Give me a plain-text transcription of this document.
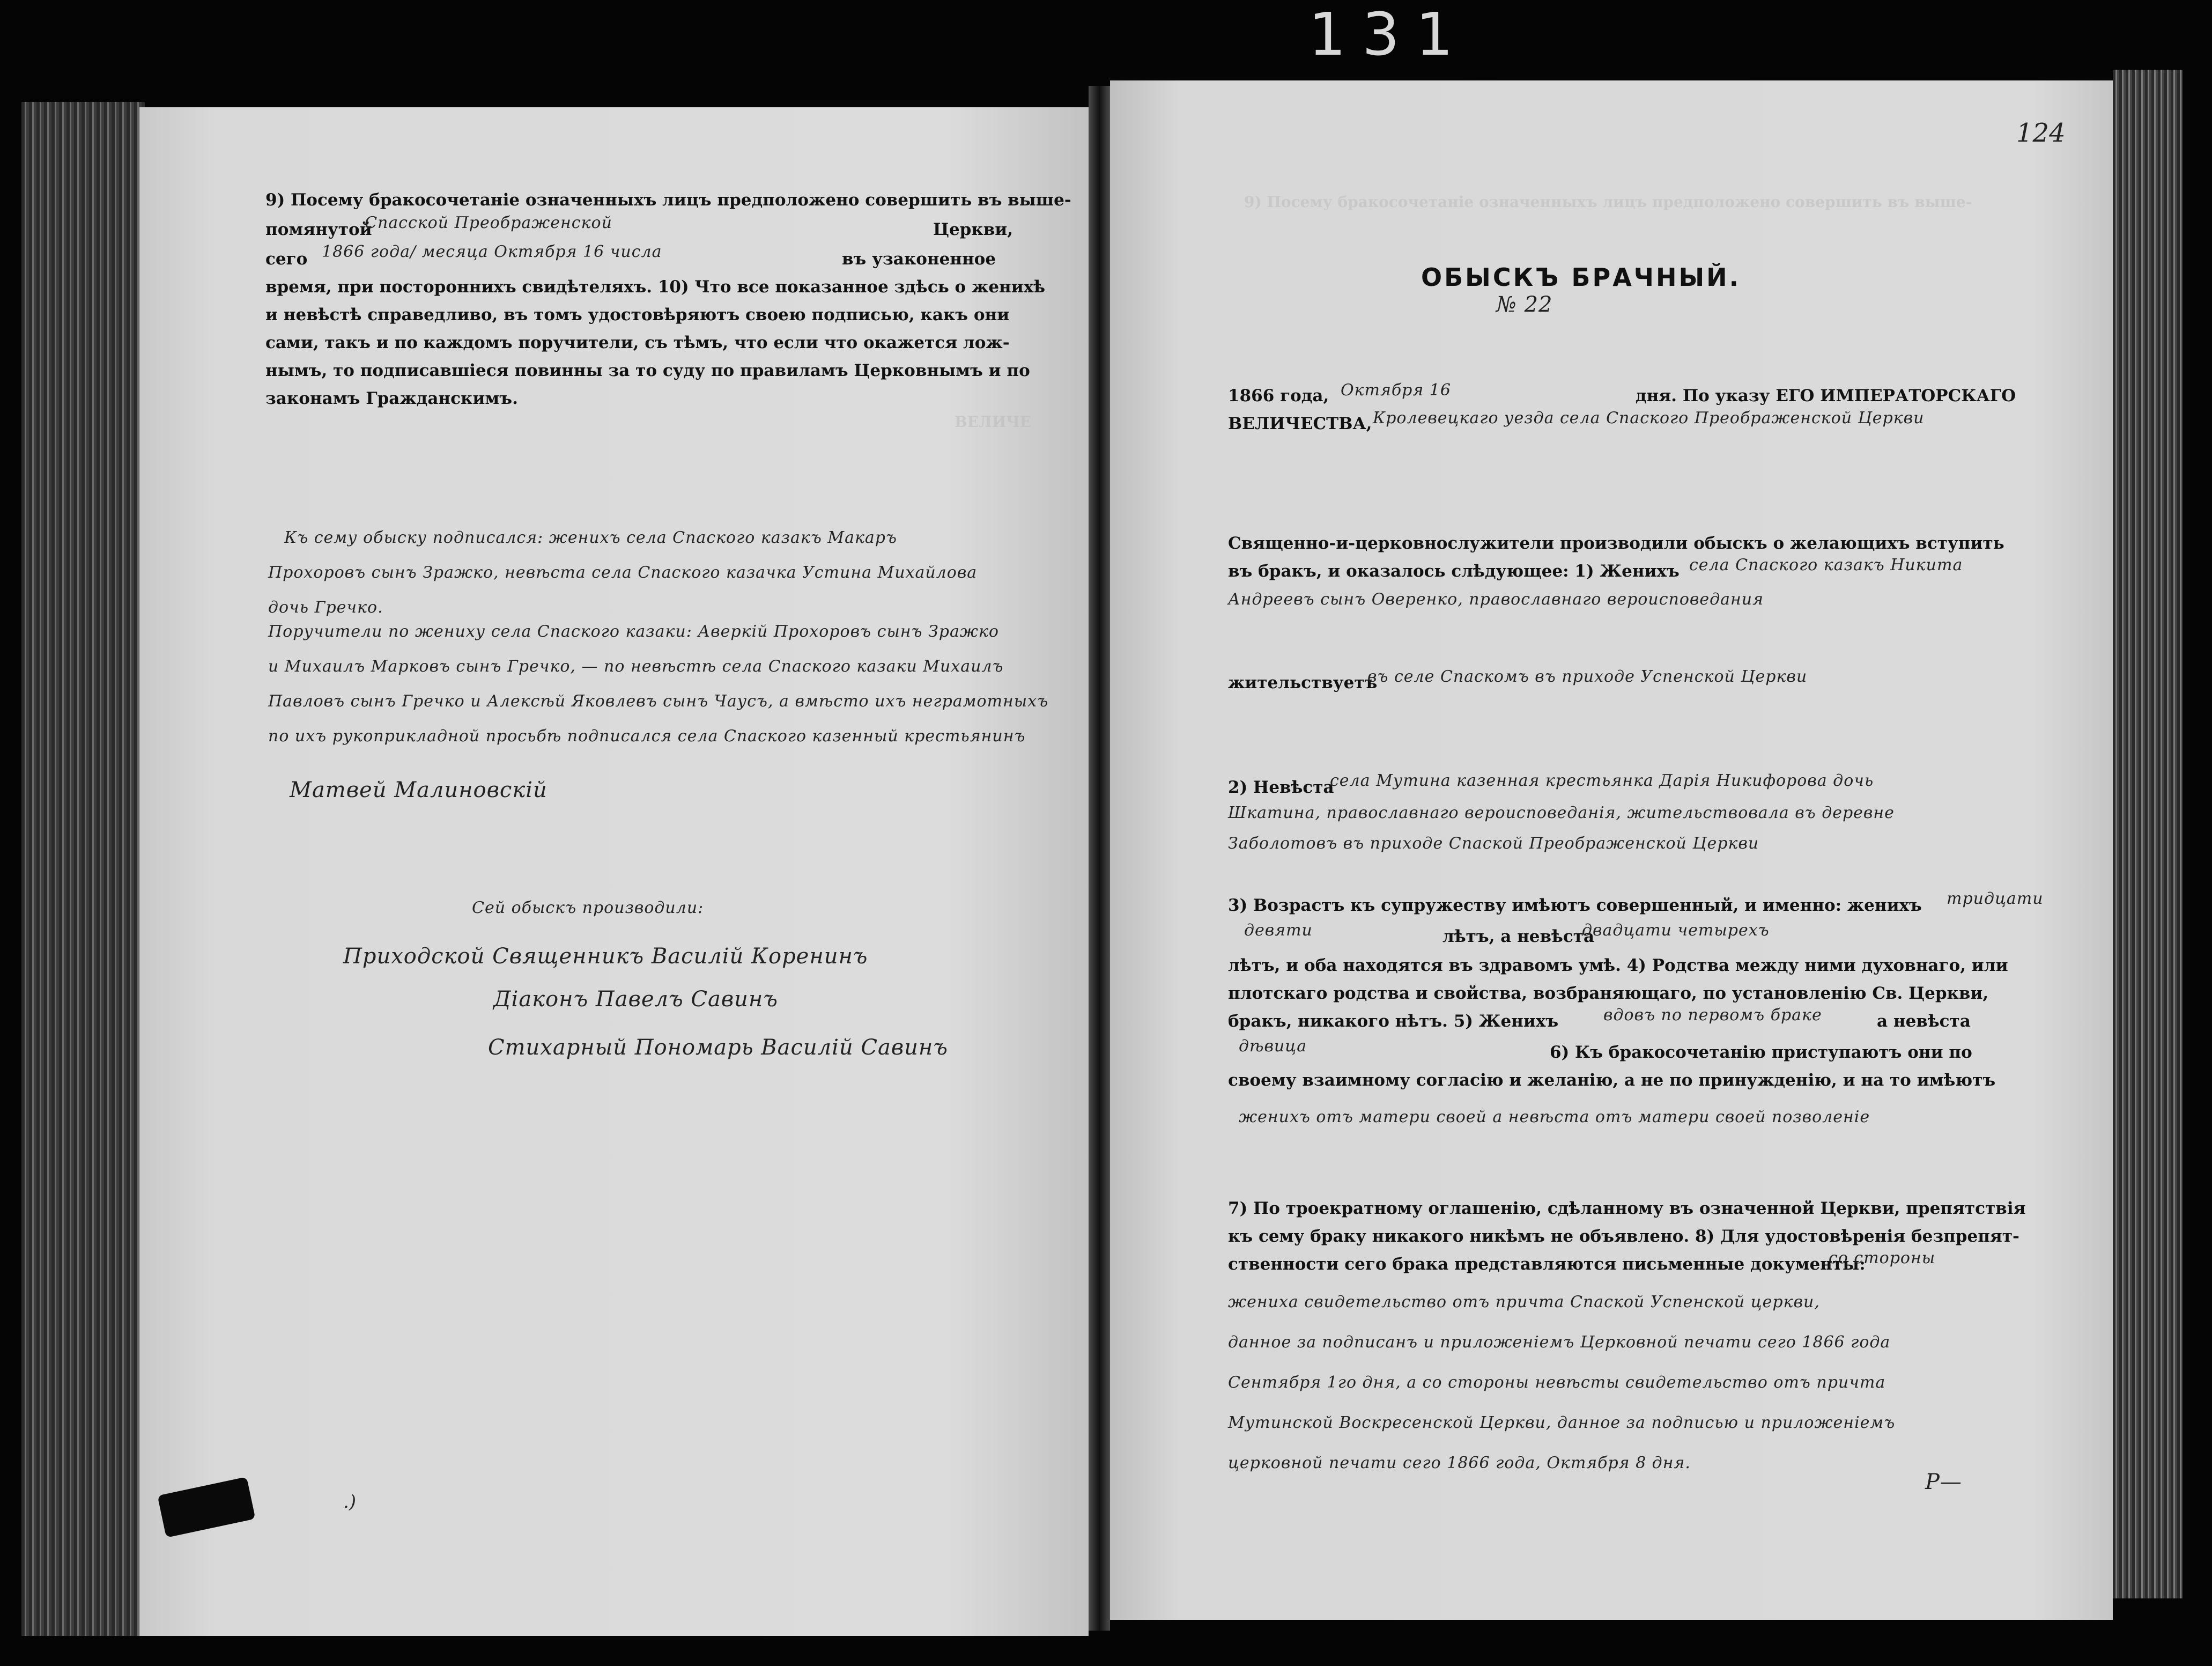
131
9) Посему бракосочетаніе означенныхъ лицъ предположено совершить въ выше-
помянутой
Спасской Преображенской	Церкви,
сего 1866 года/ месяца Октября 16 числа	въ узаконенное
время, при постороннихъ свидѣтеляхъ. 10) Что все показанное здѣсь о женихѣ
и невѣстѣ справедливо, въ томъ удостовѣряютъ своею подписью, какъ они
сами, такъ и по каждомъ поручители, съ тѣмъ, что если что окажется лож-
нымъ, то подписавшіеся повинны за то суду по правиламъ Церковнымъ и по
законамъ Гражданскимъ.
Къ сему обыску подписался: женихъ села Спаского казакъ Макаръ
Прохоровъ сынъ Зражко, невѣста села Спаского казачка Устина Михайлова
дочь Гречко.
Поручители по жениху села Спаского казаки: Аверкій Прохоровъ сынъ Зражко
и Михаилъ Марковъ сынъ Гречко, — по невѣстѣ села Спаского казаки Михаилъ
Павловъ сынъ Гречко и Алексѣй Яковлевъ сынъ Чаусъ, а вмѣсто ихъ неграмотныхъ
по ихъ рукоприкладной просьбѣ подписался села Спаского казенный крестьянинъ
Матвей Малиновскій
Сей обыскъ производили:
Приходской Священникъ Василій Коренинъ
Діаконъ Павелъ Савинъ
Стихарный Пономарь Василій Савинъ
.)
ВЕЛИЧЕ
124
ОБЫСКЪ БРАЧНЫЙ.
№ 22
1866 года, Октября 16	дня. По указу ЕГО ИМПЕРАТОРСКАГО
ВЕЛИЧЕСТВА, Кролевецкаго уезда села Спаского Преображенской Церкви
Священно-и-церковнослужители производили обыскъ о желающихъ вступить
въ бракъ, и оказалось слѣдующее: 1) Женихъ села Спаского казакъ Никита
Андреевъ сынъ Оверенко, православнаго вероисповедания
жительствуетъ
въ селе Спаскомъ въ приходе Успенской Церкви
2) Невѣста
села Мутина казенная крестьянка Дарія Никифорова дочь
Шкатина, православнаго вероисповеданія, жительствовала въ деревне
Заболотовъ въ приходе Спаской Преображенской Церкви
3) Возрастъ къ супружеству имѣютъ совершенный, и именно: женихъ тридцати
девяти	лѣтъ, а невѣста
двадцати четырехъ
лѣтъ, и оба находятся въ здравомъ умѣ. 4) Родства между ними духовнаго, или
плотскаго родства и свойства, возбраняющаго, по установленію Св. Церкви,
бракъ, никакого нѣтъ. 5) Женихъ	вдовъ по первомъ браке	а невѣста
дѣвица	6) Къ бракосочетанію приступаютъ они по
своему взаимному согласію и желанію, а не по принужденію, и на то имѣютъ
женихъ отъ матери своей а невѣста отъ матери своей позволеніе
7) По троекратному оглашенію, сдѣланному въ означенной Церкви, препятствія
къ сему браку никакого никѣмъ не объявлено. 8) Для удостовѣренія безпрепят-
ственности сего брака представляются письменные документы:
со стороны
жениха свидетельство отъ причта Спаской Успенской церкви,
данное за подписанъ и приложеніемъ Церковной печати сего 1866 года
Сентября 1го дня, а со стороны невѣсты свидетельство отъ причта
Мутинской Воскресенской Церкви, данное за подписью и приложеніемъ
церковной печати сего 1866 года, Октября 8 дня.
Р—
9) Посему бракосочетаніе означенныхъ лицъ предположено совершить въ выше-
